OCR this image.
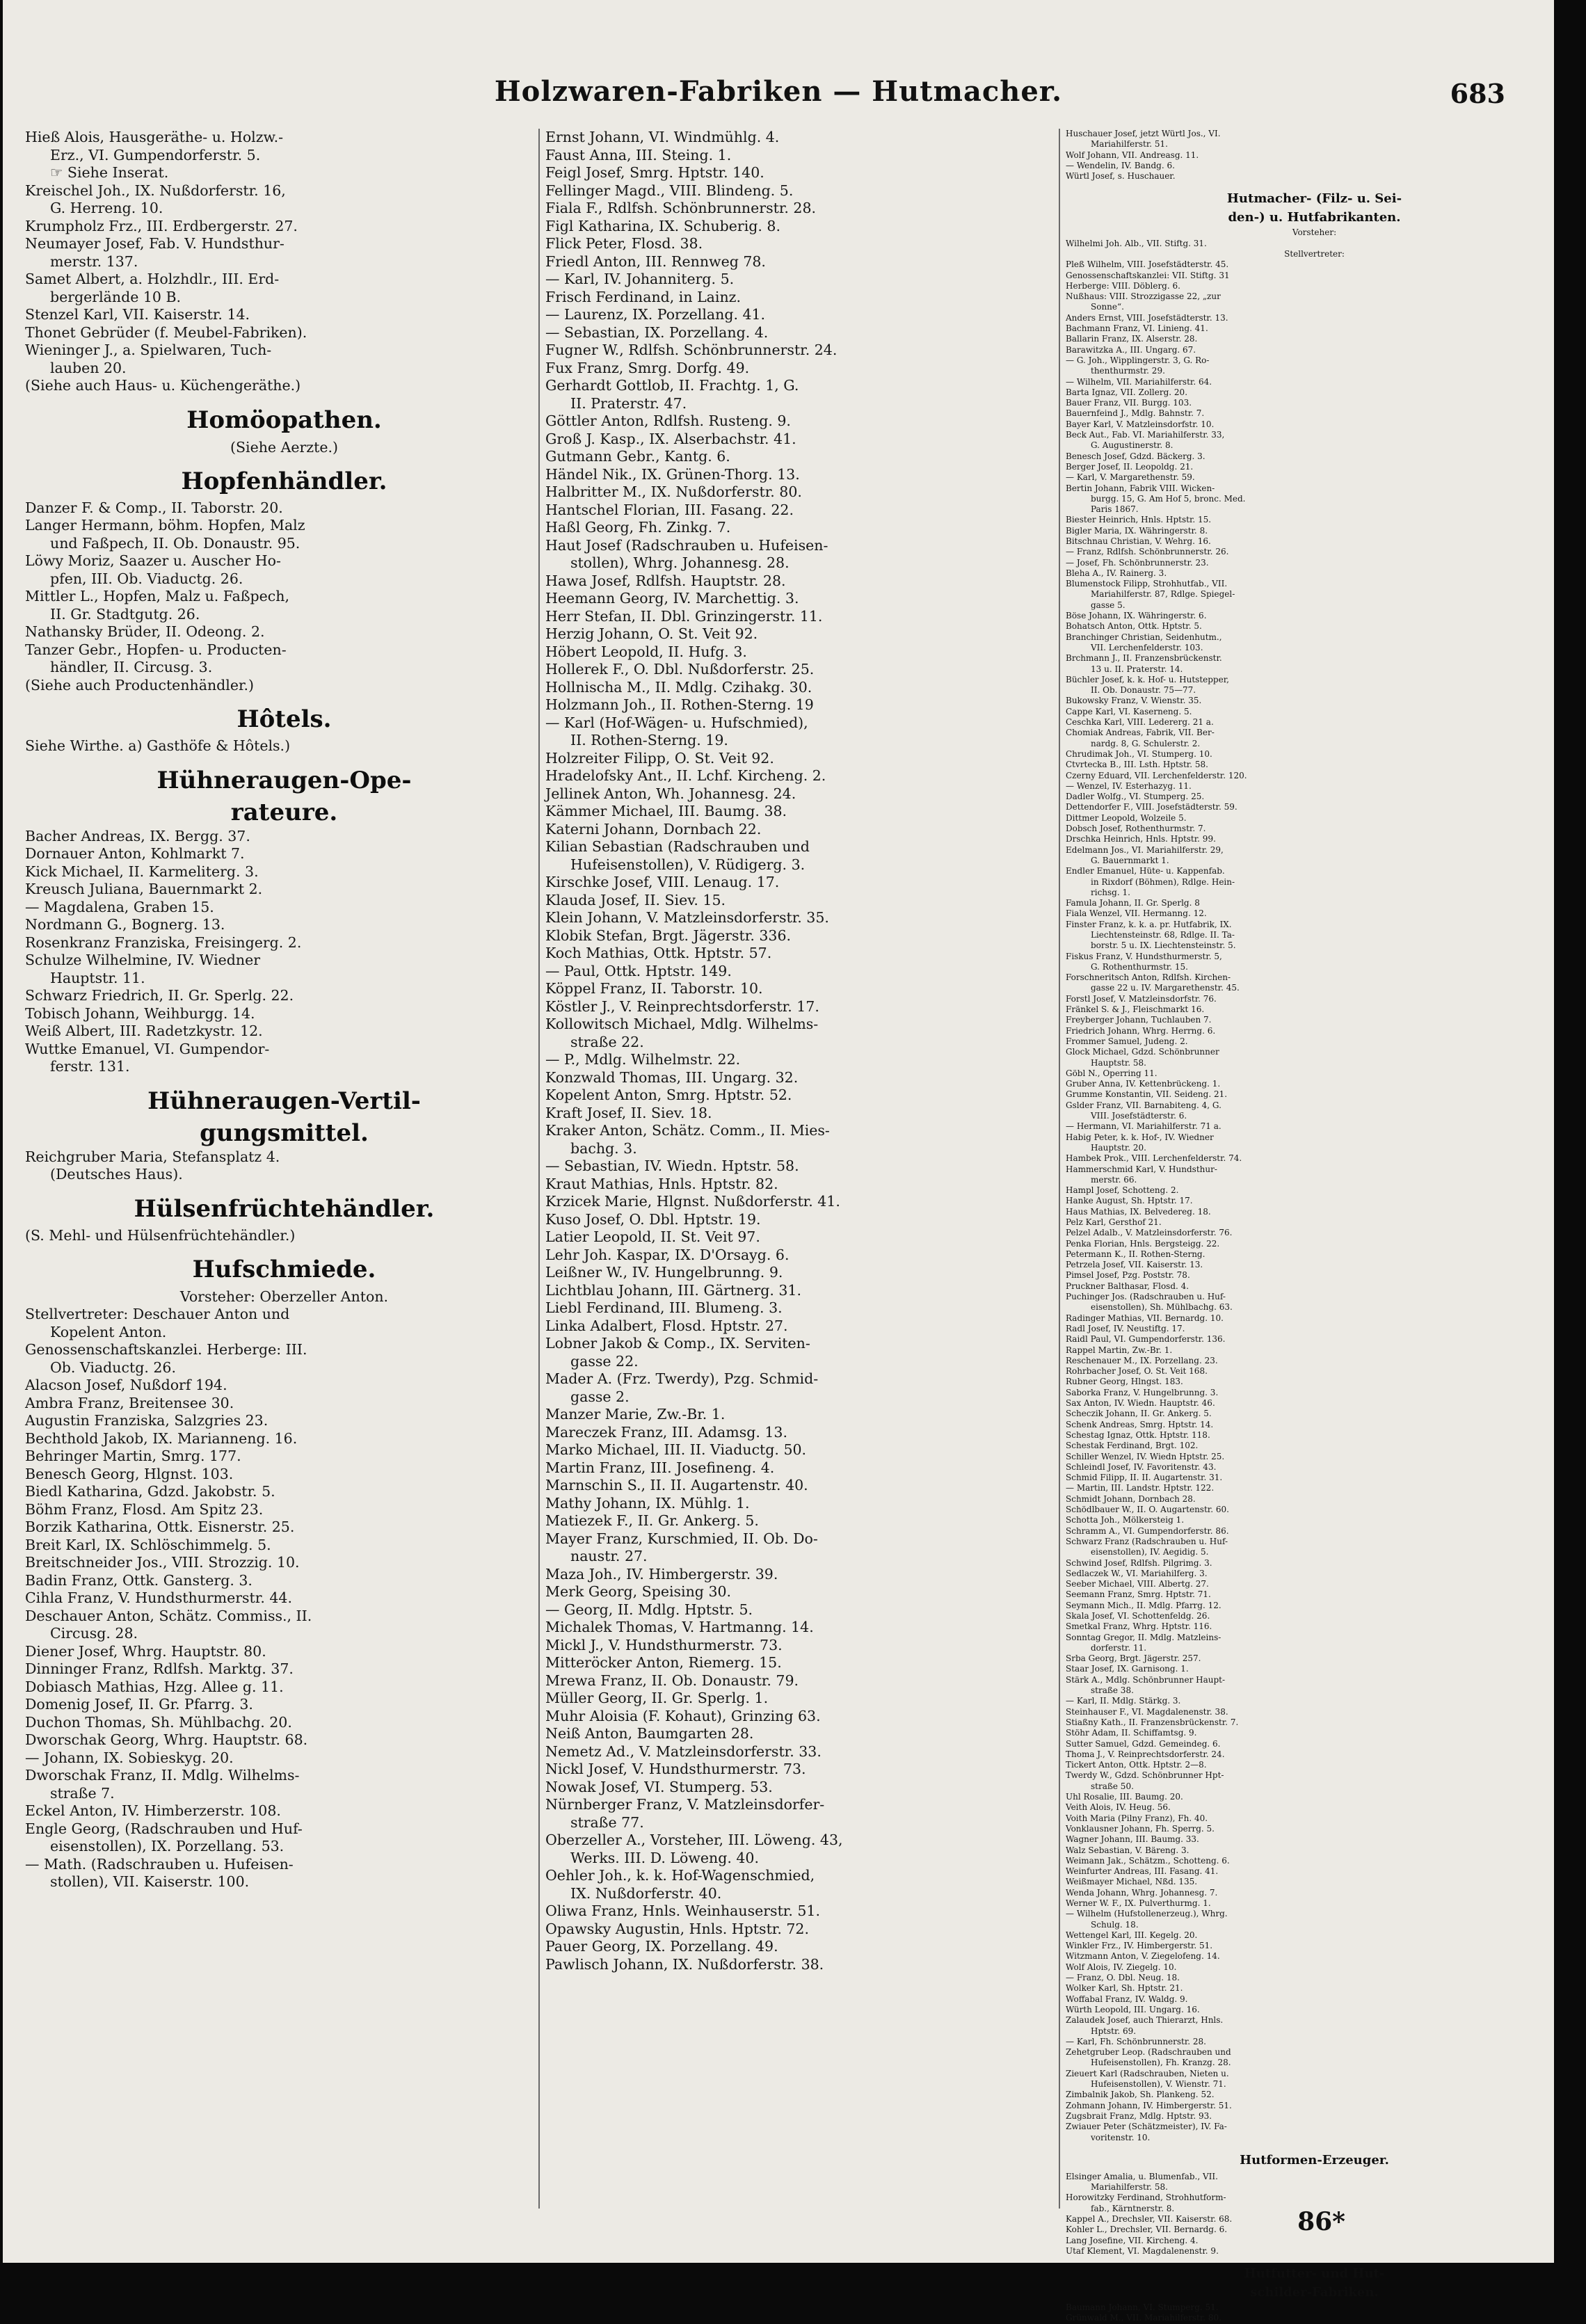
Holzwaren-Fabriken — Hutmacher.	683
Hieß Alois, Hausgeräthe- u. Holzw.-
Erz., VI. Gumpendorferstr. 5.
☞ Siehe Inserat.
Kreischel Joh., IX. Nußdorferstr. 16,
G. Herreng. 10.
Krumpholz Frz., III. Erdbergerstr. 27.
Neumayer Josef, Fab. V. Hundsthur-
merstr. 137.
Samet Albert, a. Holzhdlr., III. Erd-
bergerlände 10 B.
Stenzel Karl, VII. Kaiserstr. 14.
Thonet Gebrüder (f. Meubel-Fabriken).
Wieninger J., a. Spielwaren, Tuch-
lauben 20.
(Siehe auch Haus- u. Küchengeräthe.)
Homöopathen.
(Siehe Aerzte.)
Hopfenhändler.
Danzer F. & Comp., II. Taborstr. 20.
Langer Hermann, böhm. Hopfen, Malz
und Faßpech, II. Ob. Donaustr. 95.
Löwy Moriz, Saazer u. Auscher Ho-
pfen, III. Ob. Viaductg. 26.
Mittler L., Hopfen, Malz u. Faßpech,
II. Gr. Stadtgutg. 26.
Nathansky Brüder, II. Odeong. 2.
Tanzer Gebr., Hopfen- u. Producten-
händler, II. Circusg. 3.
(Siehe auch Productenhändler.)
Hôtels.
Siehe Wirthe. a) Gasthöfe & Hôtels.)
Hühneraugen-Ope-
rateure.
Bacher Andreas, IX. Bergg. 37.
Dornauer Anton, Kohlmarkt 7.
Kick Michael, II. Karmeliterg. 3.
Kreusch Juliana, Bauernmarkt 2.
— Magdalena, Graben 15.
Nordmann G., Bognerg. 13.
Rosenkranz Franziska, Freisingerg. 2.
Schulze Wilhelmine, IV. Wiedner
Hauptstr. 11.
Schwarz Friedrich, II. Gr. Sperlg. 22.
Tobisch Johann, Weihburgg. 14.
Weiß Albert, III. Radetzkystr. 12.
Wuttke Emanuel, VI. Gumpendor-
ferstr. 131.
Hühneraugen-Vertil-
gungsmittel.
Reichgruber Maria, Stefansplatz 4.
(Deutsches Haus).
Hülsenfrüchtehändler.
(S. Mehl- und Hülsenfrüchtehändler.)
Hufschmiede.
Vorsteher: Oberzeller Anton.
Stellvertreter: Deschauer Anton und
Kopelent Anton.
Genossenschaftskanzlei. Herberge: III.
Ob. Viaductg. 26.
Alacson Josef, Nußdorf 194.
Ambra Franz, Breitensee 30.
Augustin Franziska, Salzgries 23.
Bechthold Jakob, IX. Marianneng. 16.
Behringer Martin, Smrg. 177.
Benesch Georg, Hlgnst. 103.
Biedl Katharina, Gdzd. Jakobstr. 5.
Böhm Franz, Flosd. Am Spitz 23.
Borzik Katharina, Ottk. Eisnerstr. 25.
Breit Karl, IX. Schlöschimmelg. 5.
Breitschneider Jos., VIII. Strozzig. 10.
Badin Franz, Ottk. Gansterg. 3.
Cihla Franz, V. Hundsthurmerstr. 44.
Deschauer Anton, Schätz. Commiss., II.
Circusg. 28.
Diener Josef, Whrg. Hauptstr. 80.
Dinninger Franz, Rdlfsh. Marktg. 37.
Dobiasch Mathias, Hzg. Allee g. 11.
Domenig Josef, II. Gr. Pfarrg. 3.
Duchon Thomas, Sh. Mühlbachg. 20.
Dworschak Georg, Whrg. Hauptstr. 68.
— Johann, IX. Sobieskyg. 20.
Dworschak Franz, II. Mdlg. Wilhelms-
straße 7.
Eckel Anton, IV. Himberzerstr. 108.
Engle Georg, (Radschrauben und Huf-
eisenstollen), IX. Porzellang. 53.
— Math. (Radschrauben u. Hufeisen-
stollen), VII. Kaiserstr. 100.
Ernst Johann, VI. Windmühlg. 4.
Faust Anna, III. Steing. 1.
Feigl Josef, Smrg. Hptstr. 140.
Fellinger Magd., VIII. Blindeng. 5.
Fiala F., Rdlfsh. Schönbrunnerstr. 28.
Figl Katharina, IX. Schuberig. 8.
Flick Peter, Flosd. 38.
Friedl Anton, III. Rennweg 78.
— Karl, IV. Johanniterg. 5.
Frisch Ferdinand, in Lainz.
— Laurenz, IX. Porzellang. 41.
— Sebastian, IX. Porzellang. 4.
Fugner W., Rdlfsh. Schönbrunnerstr. 24.
Fux Franz, Smrg. Dorfg. 49.
Gerhardt Gottlob, II. Frachtg. 1, G.
II. Praterstr. 47.
Göttler Anton, Rdlfsh. Rusteng. 9.
Groß J. Kasp., IX. Alserbachstr. 41.
Gutmann Gebr., Kantg. 6.
Händel Nik., IX. Grünen-Thorg. 13.
Halbritter M., IX. Nußdorferstr. 80.
Hantschel Florian, III. Fasang. 22.
Haßl Georg, Fh. Zinkg. 7.
Haut Josef (Radschrauben u. Hufeisen-
stollen), Whrg. Johannesg. 28.
Hawa Josef, Rdlfsh. Hauptstr. 28.
Heemann Georg, IV. Marchettig. 3.
Herr Stefan, II. Dbl. Grinzingerstr. 11.
Herzig Johann, O. St. Veit 92.
Höbert Leopold, II. Hufg. 3.
Hollerek F., O. Dbl. Nußdorferstr. 25.
Hollnischa M., II. Mdlg. Czihakg. 30.
Holzmann Joh., II. Rothen-Sterng. 19
— Karl (Hof-Wägen- u. Hufschmied),
II. Rothen-Sterng. 19.
Holzreiter Filipp, O. St. Veit 92.
Hradelofsky Ant., II. Lchf. Kircheng. 2.
Jellinek Anton, Wh. Johannesg. 24.
Kämmer Michael, III. Baumg. 38.
Katerni Johann, Dornbach 22.
Kilian Sebastian (Radschrauben und
Hufeisenstollen), V. Rüdigerg. 3.
Kirschke Josef, VIII. Lenaug. 17.
Klauda Josef, II. Siev. 15.
Klein Johann, V. Matzleinsdorferstr. 35.
Klobik Stefan, Brgt. Jägerstr. 336.
Koch Mathias, Ottk. Hptstr. 57.
— Paul, Ottk. Hptstr. 149.
Köppel Franz, II. Taborstr. 10.
Köstler J., V. Reinprechtsdorferstr. 17.
Kollowitsch Michael, Mdlg. Wilhelms-
straße 22.
— P., Mdlg. Wilhelmstr. 22.
Konzwald Thomas, III. Ungarg. 32.
Kopelent Anton, Smrg. Hptstr. 52.
Kraft Josef, II. Siev. 18.
Kraker Anton, Schätz. Comm., II. Mies-
bachg. 3.
— Sebastian, IV. Wiedn. Hptstr. 58.
Kraut Mathias, Hnls. Hptstr. 82.
Krzicek Marie, Hlgnst. Nußdorferstr. 41.
Kuso Josef, O. Dbl. Hptstr. 19.
Latier Leopold, II. St. Veit 97.
Lehr Joh. Kaspar, IX. D'Orsayg. 6.
Leißner W., IV. Hungelbrunng. 9.
Lichtblau Johann, III. Gärtnerg. 31.
Liebl Ferdinand, III. Blumeng. 3.
Linka Adalbert, Flosd. Hptstr. 27.
Lobner Jakob & Comp., IX. Serviten-
gasse 22.
Mader A. (Frz. Twerdy), Pzg. Schmid-
gasse 2.
Manzer Marie, Zw.-Br. 1.
Mareczek Franz, III. Adamsg. 13.
Marko Michael, III. II. Viaductg. 50.
Martin Franz, III. Josefineng. 4.
Marnschin S., II. II. Augartenstr. 40.
Mathy Johann, IX. Mühlg. 1.
Matiezek F., II. Gr. Ankerg. 5.
Mayer Franz, Kurschmied, II. Ob. Do-
naustr. 27.
Maza Joh., IV. Himbergerstr. 39.
Merk Georg, Speising 30.
— Georg, II. Mdlg. Hptstr. 5.
Michalek Thomas, V. Hartmanng. 14.
Mickl J., V. Hundsthurmerstr. 73.
Mitteröcker Anton, Riemerg. 15.
Mrewa Franz, II. Ob. Donaustr. 79.
Müller Georg, II. Gr. Sperlg. 1.
Muhr Aloisia (F. Kohaut), Grinzing 63.
Neiß Anton, Baumgarten 28.
Nemetz Ad., V. Matzleinsdorferstr. 33.
Nickl Josef, V. Hundsthurmerstr. 73.
Nowak Josef, VI. Stumperg. 53.
Nürnberger Franz, V. Matzleinsdorfer-
straße 77.
Oberzeller A., Vorsteher, III. Löweng. 43,
Werks. III. D. Löweng. 40.
Oehler Joh., k. k. Hof-Wagenschmied,
IX. Nußdorferstr. 40.
Oliwa Franz, Hnls. Weinhauserstr. 51.
Opawsky Augustin, Hnls. Hptstr. 72.
Pauer Georg, IX. Porzellang. 49.
Pawlisch Johann, IX. Nußdorferstr. 38.
Huschauer Josef, jetzt Würtl Jos., VI.
Mariahilferstr. 51.
Wolf Johann, VII. Andreasg. 11.
— Wendelin, IV. Bandg. 6.
Würtl Josef, s. Huschauer.
Hutmacher- (Filz- u. Sei-
den-) u. Hutfabrikanten.
Vorsteher:
Wilhelmi Joh. Alb., VII. Stiftg. 31.
Stellvertreter:
Pleß Wilhelm, VIII. Josefstädterstr. 45.
Genossenschaftskanzlei: VII. Stiftg. 31
Herberge: VIII. Döblerg. 6.
Nußhaus: VIII. Strozzigasse 22, „zur
Sonne“.
Anders Ernst, VIII. Josefstädterstr. 13.
Bachmann Franz, VI. Linieng. 41.
Ballarin Franz, IX. Alserstr. 28.
Barawitzka A., III. Ungarg. 67.
— G. Joh., Wipplingerstr. 3, G. Ro-
thenthurmstr. 29.
— Wilhelm, VII. Mariahilferstr. 64.
Barta Ignaz, VII. Zollerg. 20.
Bauer Franz, VII. Burgg. 103.
Bauernfeind J., Mdlg. Bahnstr. 7.
Bayer Karl, V. Matzleinsdorfstr. 10.
Beck Aut., Fab. VI. Mariahilferstr. 33,
G. Augustinerstr. 8.
Benesch Josef, Gdzd. Bäckerg. 3.
Berger Josef, II. Leopoldg. 21.
— Karl, V. Margarethenstr. 59.
Bertin Johann, Fabrik VIII. Wicken-
burgg. 15, G. Am Hof 5, bronc. Med.
Paris 1867.
Biester Heinrich, Hnls. Hptstr. 15.
Bigler Maria, IX. Währingerstr. 8.
Bitschnau Christian, V. Wehrg. 16.
— Franz, Rdlfsh. Schönbrunnerstr. 26.
— Josef, Fh. Schönbrunnerstr. 23.
Bleha A., IV. Rainerg. 3.
Blumenstock Filipp, Strohhutfab., VII.
Mariahilferstr. 87, Rdlge. Spiegel-
gasse 5.
Böse Johann, IX. Währingerstr. 6.
Bohatsch Anton, Ottk. Hptstr. 5.
Branchinger Christian, Seidenhutm.,
VII. Lerchenfelderstr. 103.
Brchmann J., II. Franzensbrückenstr.
13 u. II. Praterstr. 14.
Büchler Josef, k. k. Hof- u. Hutstepper,
II. Ob. Donaustr. 75—77.
Bukowsky Franz, V. Wienstr. 35.
Cappe Karl, VI. Kaserneng. 5.
Ceschka Karl, VIII. Ledererg. 21 a.
Chomiak Andreas, Fabrik, VII. Ber-
nardg. 8, G. Schulerstr. 2.
Chrudimak Joh., VI. Stumperg. 10.
Ctvrtecka B., III. Lsth. Hptstr. 58.
Czerny Eduard, VII. Lerchenfelderstr. 120.
— Wenzel, IV. Esterhazyg. 11.
Dadler Wolfg., VI. Stumperg. 25.
Dettendorfer F., VIII. Josefstädterstr. 59.
Dittmer Leopold, Wolzeile 5.
Dobsch Josef, Rothenthurmstr. 7.
Drschka Heinrich, Hnls. Hptstr. 99.
Edelmann Jos., VI. Mariahilferstr. 29,
G. Bauernmarkt 1.
Endler Emanuel, Hüte- u. Kappenfab.
in Rixdorf (Böhmen), Rdlge. Hein-
richsg. 1.
Famula Johann, II. Gr. Sperlg. 8
Fiala Wenzel, VII. Hermanng. 12.
Finster Franz, k. k. a. pr. Hutfabrik, IX.
Liechtensteinstr. 68, Rdlge. II. Ta-
borstr. 5 u. IX. Liechtensteinstr. 5.
Fiskus Franz, V. Hundsthurmerstr. 5,
G. Rothenthurmstr. 15.
Forschneritsch Anton, Rdlfsh. Kirchen-
gasse 22 u. IV. Margarethenstr. 45.
Forstl Josef, V. Matzleinsdorfstr. 76.
Fränkel S. & J., Fleischmarkt 16.
Freyberger Johann, Tuchlauben 7.
Friedrich Johann, Whrg. Herrng. 6.
Frommer Samuel, Judeng. 2.
Glock Michael, Gdzd. Schönbrunner
Hauptstr. 58.
Göbl N., Operring 11.
Gruber Anna, IV. Kettenbrückeng. 1.
Grumme Konstantin, VII. Seideng. 21.
Gslder Franz, VII. Barnabiteng. 4, G.
VIII. Josefstädterstr. 6.
— Hermann, VI. Mariahilferstr. 71 a.
Habig Peter, k. k. Hof-, IV. Wiedner
Hauptstr. 20.
Hambek Prok., VIII. Lerchenfelderstr. 74.
Hammerschmid Karl, V. Hundsthur-
merstr. 66.
Hampl Josef, Schotteng. 2.
Hanke August, Sh. Hptstr. 17.
Haus Mathias, IX. Belvedereg. 18.
Pelz Karl, Gersthof 21.
Pelzel Adalb., V. Matzleinsdorferstr. 76.
Penka Florian, Hnls. Bergsteigg. 22.
Petermann K., II. Rothen-Sterng.
Petrzela Josef, VII. Kaiserstr. 13.
Pimsel Josef, Pzg. Poststr. 78.
Pruckner Balthasar, Flosd. 4.
Puchinger Jos. (Radschrauben u. Huf-
eisenstollen), Sh. Mühlbachg. 63.
Radinger Mathias, VII. Bernardg. 10.
Radl Josef, IV. Neustiftg. 17.
Raidl Paul, VI. Gumpendorferstr. 136.
Rappel Martin, Zw.-Br. 1.
Reschenauer M., IX. Porzellang. 23.
Rohrbacher Josef, O. St. Veit 168.
Rubner Georg, Hlngst. 183.
Saborka Franz, V. Hungelbrunng. 3.
Sax Anton, IV. Wiedn. Hauptstr. 46.
Scheczik Johann, II. Gr. Ankerg. 5.
Schenk Andreas, Smrg. Hptstr. 14.
Schestag Ignaz, Ottk. Hptstr. 118.
Schestak Ferdinand, Brgt. 102.
Schiller Wenzel, IV. Wiedn Hptstr. 25.
Schleindl Josef, IV. Favoritenstr. 43.
Schmid Filipp, II. II. Augartenstr. 31.
— Martin, III. Landstr. Hptstr. 122.
Schmidt Johann, Dornbach 28.
Schödlbauer W., II. O. Augartenstr. 60.
Schotta Joh., Mölkersteig 1.
Schramm A., VI. Gumpendorferstr. 86.
Schwarz Franz (Radschrauben u. Huf-
eisenstollen), IV. Aegidig. 5.
Schwind Josef, Rdlfsh. Pilgrimg. 3.
Sedlaczek W., VI. Mariahilferg. 3.
Seeber Michael, VIII. Albertg. 27.
Seemann Franz, Smrg. Hptstr. 71.
Seymann Mich., II. Mdlg. Pfarrg. 12.
Skala Josef, VI. Schottenfeldg. 26.
Smetkal Franz, Whrg. Hptstr. 116.
Sonntag Gregor, II. Mdlg. Matzleins-
dorferstr. 11.
Srba Georg, Brgt. Jägerstr. 257.
Staar Josef, IX. Garnisong. 1.
Stärk A., Mdlg. Schönbrunner Haupt-
straße 38.
— Karl, II. Mdlg. Stärkg. 3.
Steinhauser F., VI. Magdalenenstr. 38.
Stiaßny Kath., II. Franzensbrückenstr. 7.
Stöhr Adam, II. Schiffamtsg. 9.
Sutter Samuel, Gdzd. Gemeindeg. 6.
Thoma J., V. Reinprechtsdorferstr. 24.
Tickert Anton, Ottk. Hptstr. 2—8.
Twerdy W., Gdzd. Schönbrunner Hpt-
straße 50.
Uhl Rosalie, III. Baumg. 20.
Veith Alois, IV. Heug. 56.
Voith Maria (Pilny Franz), Fh. 40.
Vonklausner Johann, Fh. Sperrg. 5.
Wagner Johann, III. Baumg. 33.
Walz Sebastian, V. Bäreng. 3.
Weimann Jak., Schätzm., Schotteng. 6.
Weinfurter Andreas, III. Fasang. 41.
Weißmayer Michael, Nßd. 135.
Wenda Johann, Whrg. Johannesg. 7.
Werner W. F., IX. Pulverthurmg. 1.
— Wilhelm (Hufstollenerzeug.), Whrg.
Schulg. 18.
Wettengel Karl, III. Kegelg. 20.
Winkler Frz., IV. Himbergerstr. 51.
Witzmann Anton, V. Ziegelofeng. 14.
Wolf Alois, IV. Ziegelg. 10.
— Franz, O. Dbl. Neug. 18.
Wolker Karl, Sh. Hptstr. 21.
Woffabal Franz, IV. Waldg. 9.
Würth Leopold, III. Ungarg. 16.
Zalaudek Josef, auch Thierarzt, Hnls.
Hptstr. 69.
— Karl, Fh. Schönbrunnerstr. 28.
Zehetgruber Leop. (Radschrauben und
Hufeisenstollen), Fh. Kranzg. 28.
Zieuert Karl (Radschrauben, Nieten u.
Hufeisenstollen), V. Wienstr. 71.
Zimbalnik Jakob, Sh. Plankeng. 52.
Zohmann Johann, IV. Himbergerstr. 51.
Zugsbrait Franz, Mdlg. Hptstr. 93.
Zwiauer Peter (Schätzmeister), IV. Fa-
voritenstr. 10.
Hutformen-Erzeuger.
Elsinger Amalia, u. Blumenfab., VII.
Mariahilferstr. 58.
Horowitzky Ferdinand, Strohhutform-
fab., Kärntnerstr. 8.
Kappel A., Drechsler, VII. Kaiserstr. 68.
Kohler L., Drechsler, VII. Bernardg. 6.
Lang Josefine, VII. Kircheng. 4.
Utaf Klement, VI. Magdalenenstr. 9.
Hutfutter- und Hut-
schilder-Fabriken.
Baumann Johann, VI. Stumperg. 51.
Grünwald M., VII. Mariahilferstr. 80.
86*
